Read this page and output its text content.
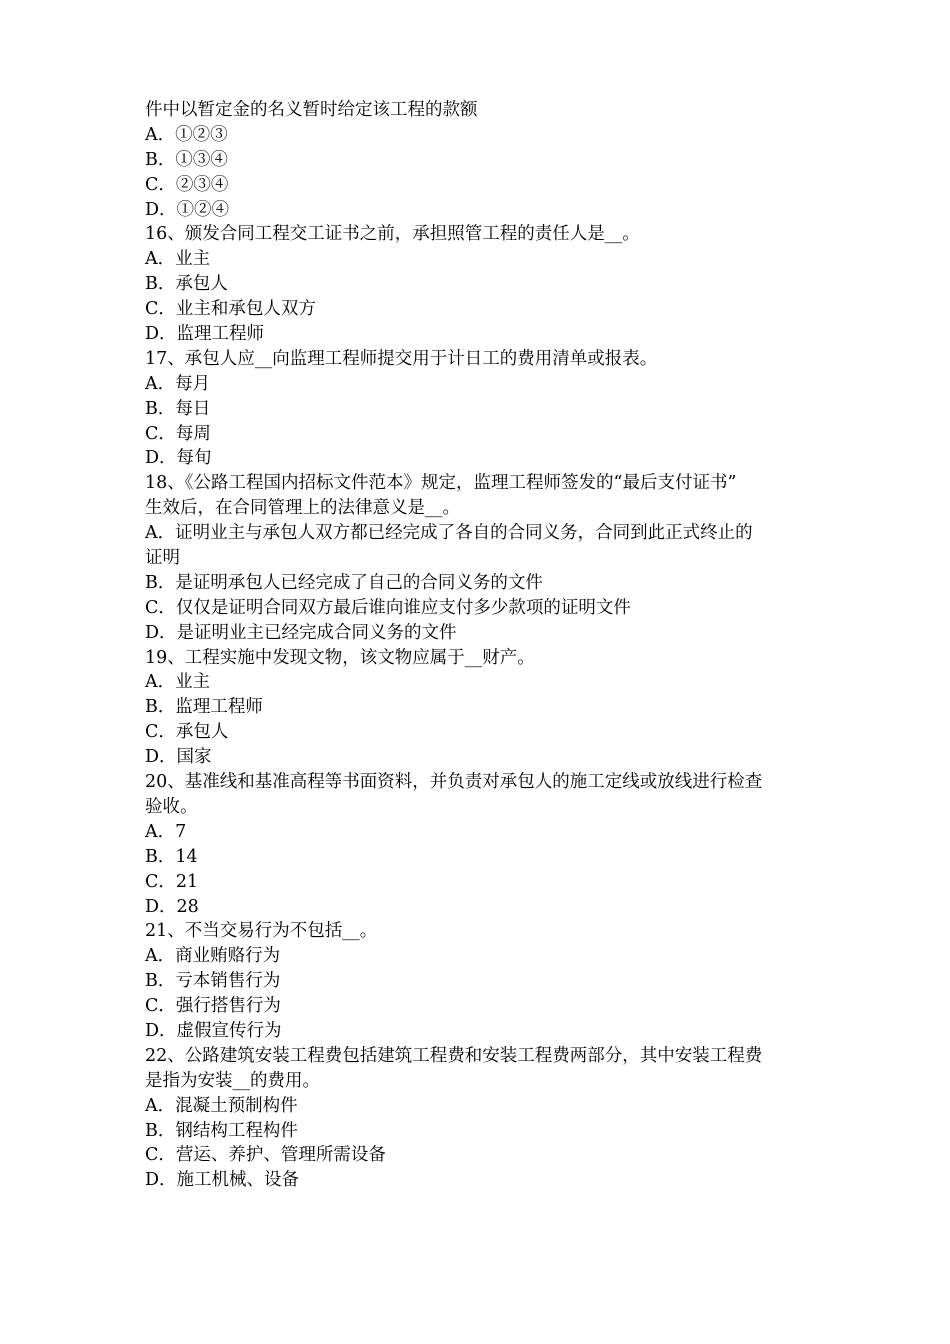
件中以暂定金的名义暂时给定该工程的款额
A．①②③
B．①③④
C．②③④
D．①②④
16、颁发合同工程交工证书之前，承担照管工程的责任人是__。
A．业主
B．承包人
C．业主和承包人双方
D．监理工程师
17、承包人应__向监理工程师提交用于计日工的费用清单或报表。
A．每月
B．每日
C．每周
D．每旬
18、《公路工程国内招标文件范本》规定，监理工程师签发的“最后支付证书”
生效后，在合同管理上的法律意义是__。
A．证明业主与承包人双方都已经完成了各自的合同义务，合同到此正式终止的
证明
B．是证明承包人已经完成了自己的合同义务的文件
C．仅仅是证明合同双方最后谁向谁应支付多少款项的证明文件
D．是证明业主已经完成合同义务的文件
19、工程实施中发现文物，该文物应属于__财产。
A．业主
B．监理工程师
C．承包人
D．国家
20、基准线和基准高程等书面资料，并负责对承包人的施工定线或放线进行检查
验收。
A．7
B．14
C．21
D．28
21、不当交易行为不包括__。
A．商业贿赂行为
B．亏本销售行为
C．强行搭售行为
D．虚假宣传行为
22、公路建筑安装工程费包括建筑工程费和安装工程费两部分，其中安装工程费
是指为安装__的费用。
A．混凝土预制构件
B．钢结构工程构件
C．营运、养护、管理所需设备
D．施工机械、设备
